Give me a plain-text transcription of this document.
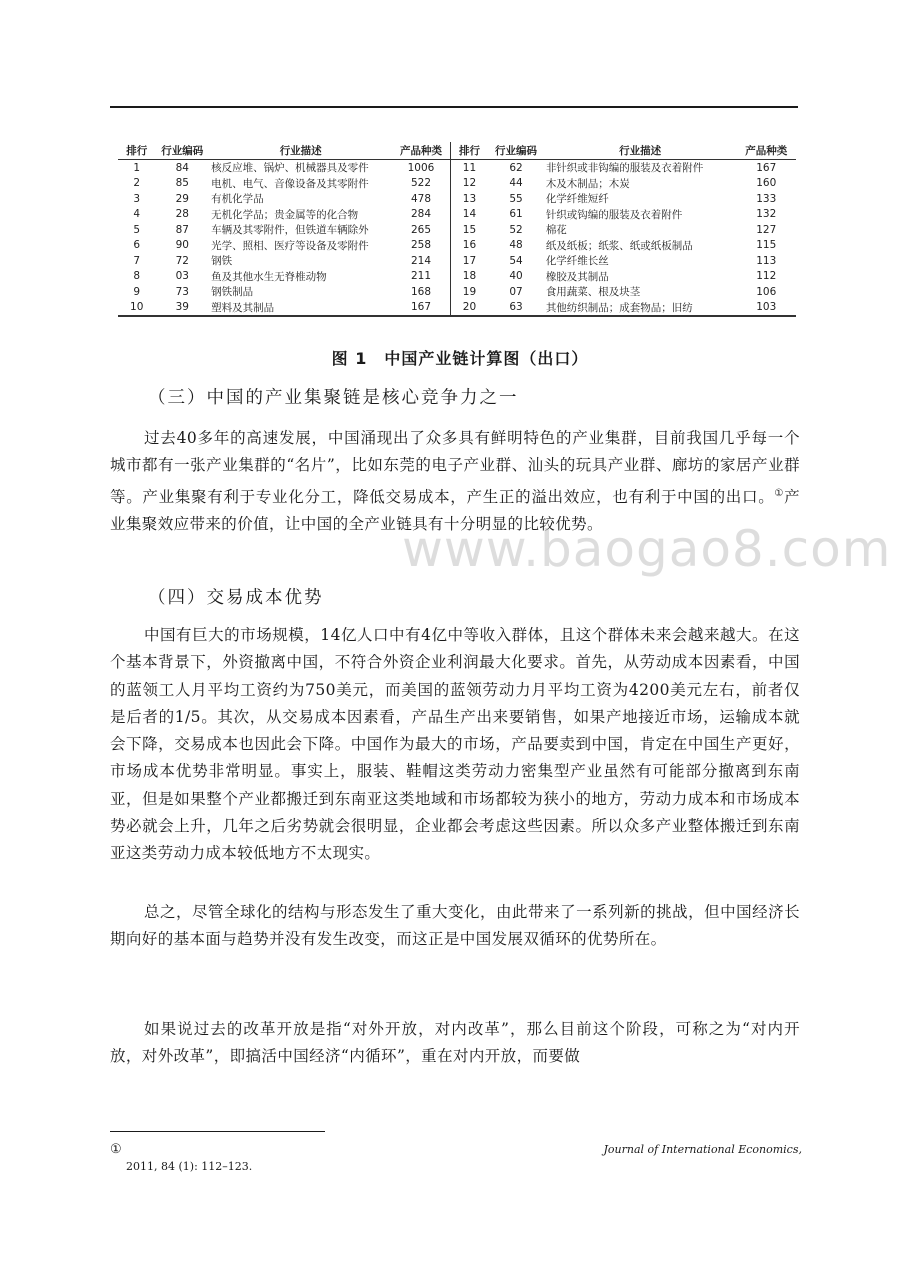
排行	行业编码	行业描述	产品种类	排行	行业编码	行业描述	产品种类
1	84	核反应堆、锅炉、机械器具及零件	1006	11	62	非针织或非钩编的服装及衣着附件	167
2	85	电机、电气、音像设备及其零附件	522	12	44	木及木制品；木炭	160
3	29	有机化学品	478	13	55	化学纤维短纤	133
4	28	无机化学品；贵金属等的化合物	284	14	61	针织或钩编的服装及衣着附件	132
5	87	车辆及其零附件，但铁道车辆除外	265	15	52	棉花	127
6	90	光学、照相、医疗等设备及零附件	258	16	48	纸及纸板；纸浆、纸或纸板制品	115
7	72	钢铁	214	17	54	化学纤维长丝	113
8	03	鱼及其他水生无脊椎动物	211	18	40	橡胶及其制品	112
9	73	钢铁制品	168	19	07	食用蔬菜、根及块茎	106
10	39	塑料及其制品	167	20	63	其他纺织制品；成套物品；旧纺	103
图 1　中国产业链计算图（出口）
（三）中国的产业集聚链是核心竞争力之一

过去40多年的高速发展，中国涌现出了众多具有鲜明特色的产业集群，目前我国几乎每一个城市都有一张产业集群的“名片”，比如东莞的电子产业群、汕头的玩具产业群、廊坊的家居产业群等。产业集聚有利于专业化分工，降低交易成本，产生正的溢出效应，也有利于中国的出口。①产业集聚效应带来的价值，让中国的全产业链具有十分明显的比较优势。

（四）交易成本优势

中国有巨大的市场规模，14亿人口中有4亿中等收入群体，且这个群体未来会越来越大。在这个基本背景下，外资撤离中国，不符合外资企业利润最大化要求。首先，从劳动成本因素看，中国的蓝领工人月平均工资约为750美元，而美国的蓝领劳动力月平均工资为4200美元左右，前者仅是后者的1/5。其次，从交易成本因素看，产品生产出来要销售，如果产地接近市场，运输成本就会下降，交易成本也因此会下降。中国作为最大的市场，产品要卖到中国，肯定在中国生产更好，市场成本优势非常明显。事实上，服装、鞋帽这类劳动力密集型产业虽然有可能部分撤离到东南亚，但是如果整个产业都搬迁到东南亚这类地域和市场都较为狭小的地方，劳动力成本和市场成本势必就会上升，几年之后劣势就会很明显，企业都会考虑这些因素。所以众多产业整体搬迁到东南亚这类劳动力成本较低地方不太现实。

总之，尽管全球化的结构与形态发生了重大变化，由此带来了一系列新的挑战，但中国经济长期向好的基本面与趋势并没有发生改变，而这正是中国发展双循环的优势所在。

如果说过去的改革开放是指“对外开放，对内改革”，那么目前这个阶段，可称之为“对内开放，对外改革”，即搞活中国经济“内循环”，重在对内开放，而要做

①	Journal of International Economics,
2011, 84 (1): 112–123.
www.baogao8.com
